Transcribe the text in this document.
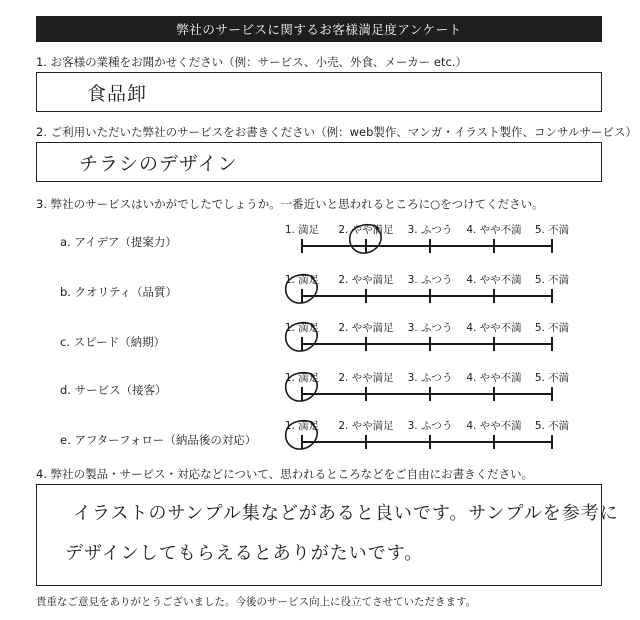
弊社のサービスに関するお客様満足度アンケート
1. お客様の業種をお聞かせください（例：サービス、小売、外食、メーカー etc.）
食品卸
2. ご利用いただいた弊社のサービスをお書きください（例：web製作、マンガ・イラスト製作、コンサルサービス）
チラシのデザイン
3. 弊社のサービスはいかがでしたでしょうか。一番近いと思われるところに○をつけてください。
a. アイデア（提案力）
1. 満足 2. やや満足 3. ふつう 4. やや不満 5. 不満
b. クオリティ（品質）
1. 満足 2. やや満足 3. ふつう 4. やや不満 5. 不満
c. スピード（納期）
1. 満足 2. やや満足 3. ふつう 4. やや不満 5. 不満
d. サービス（接客）
1. 満足 2. やや満足 3. ふつう 4. やや不満 5. 不満
e. アフターフォロー（納品後の対応）
1. 満足 2. やや満足 3. ふつう 4. やや不満 5. 不満
4. 弊社の製品・サービス・対応などについて、思われるところなどをご自由にお書きください。
イラストのサンプル集などがあると良いです。サンプルを参考に
デザインしてもらえるとありがたいです。
貴重なご意見をありがとうございました。今後のサービス向上に役立てさせていただきます。
